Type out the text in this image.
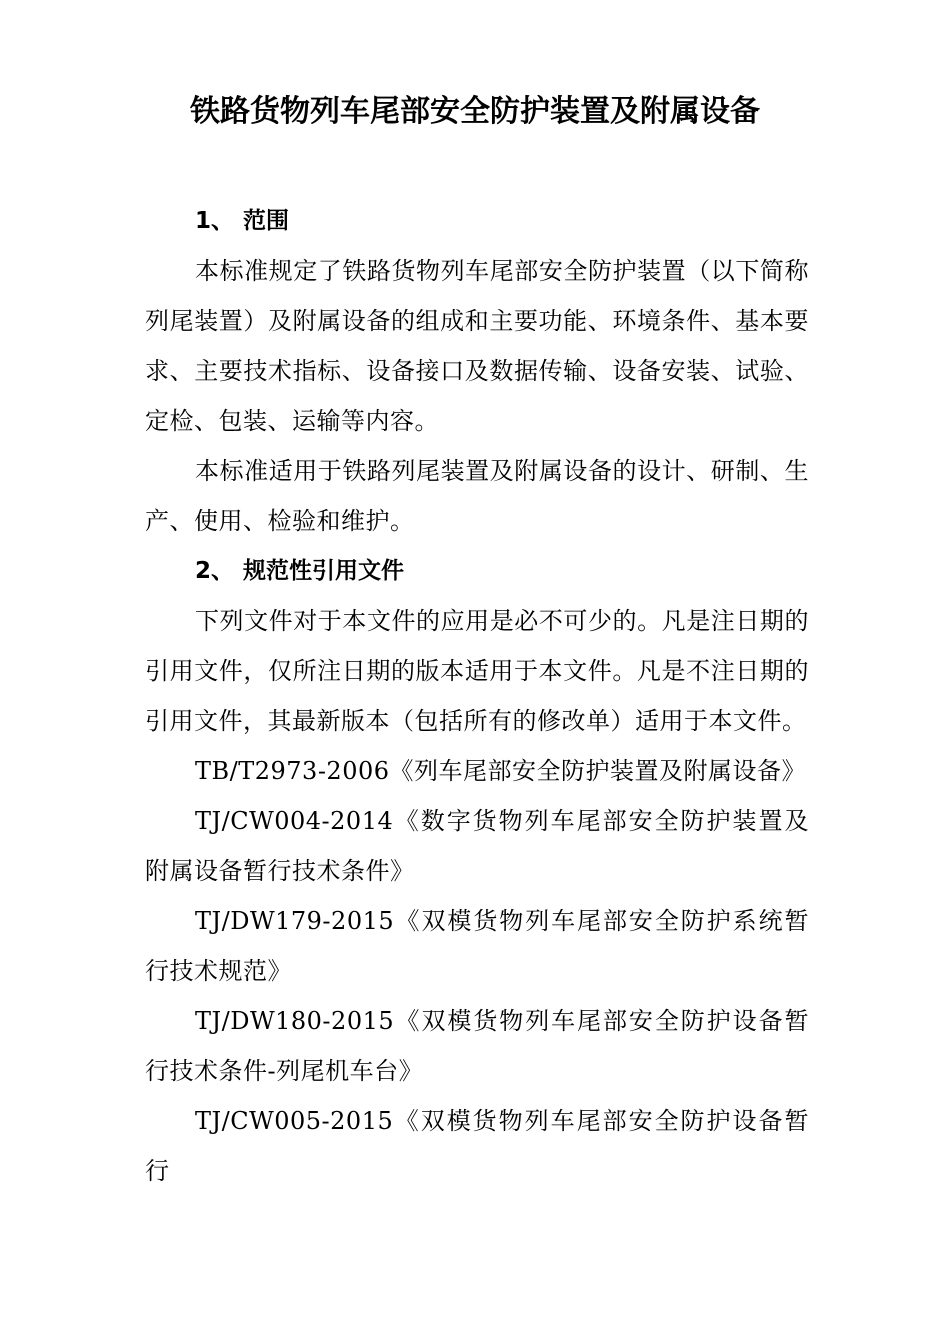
铁路货物列车尾部安全防护装置及附属设备
1、 范围

本标准规定了铁路货物列车尾部安全防护装置（以下简称列尾装置）及附属设备的组成和主要功能、环境条件、基本要求、主要技术指标、设备接口及数据传输、设备安装、试验、定检、包装、运输等内容。

本标准适用于铁路列尾装置及附属设备的设计、研制、生产、使用、检验和维护。

2、 规范性引用文件

下列文件对于本文件的应用是必不可少的。凡是注日期的引用文件，仅所注日期的版本适用于本文件。凡是不注日期的引用文件，其最新版本（包括所有的修改单）适用于本文件。

TB/T2973-2006《列车尾部安全防护装置及附属设备》

TJ/CW004-2014《数字货物列车尾部安全防护装置及附属设备暂行技术条件》

TJ/DW179-2015《双模货物列车尾部安全防护系统暂行技术规范》

TJ/DW180-2015《双模货物列车尾部安全防护设备暂行技术条件-列尾机车台》

TJ/CW005-2015《双模货物列车尾部安全防护设备暂行
